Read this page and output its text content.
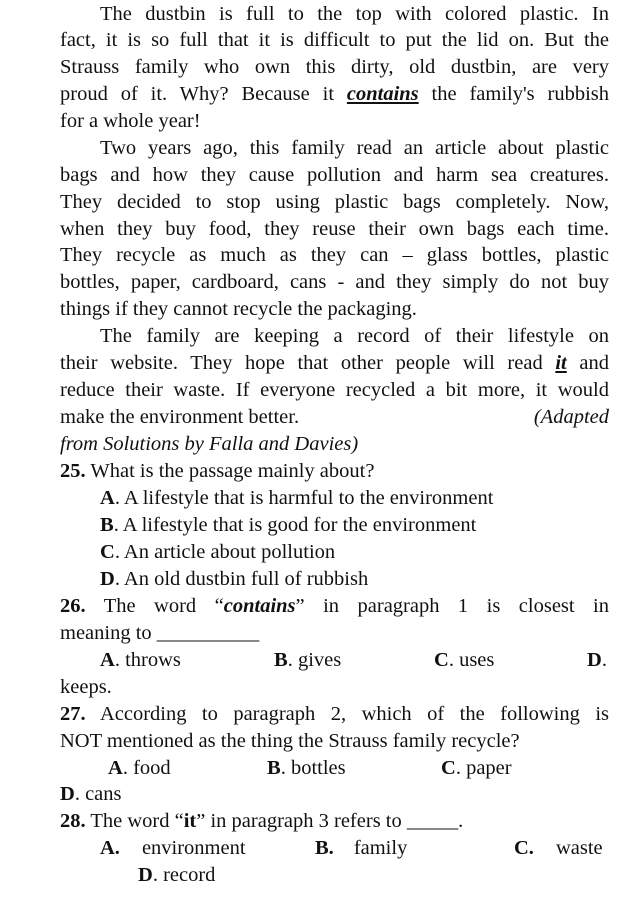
The dustbin is full to the top with colored plastic. In
fact, it is so full that it is difficult to put the lid on. But the
Strauss family who own this dirty, old dustbin, are very
proud of it. Why? Because it contains the family's rubbish
for a whole year!
Two years ago, this family read an article about plastic
bags and how they cause pollution and harm sea creatures.
They decided to stop using plastic bags completely. Now,
when they buy food, they reuse their own bags each time.
They recycle as much as they can – glass bottles, plastic
bottles, paper, cardboard, cans - and they simply do not buy
things if they cannot recycle the packaging.
The family are keeping a record of their lifestyle on
their website. They hope that other people will read it and
reduce their waste. If everyone recycled a bit more, it would
make the environment better.	(Adapted
from Solutions by Falla and Davies)
25. What is the passage mainly about?
A. A lifestyle that is harmful to the environment
B. A lifestyle that is good for the environment
C. An article about pollution
D. An old dustbin full of rubbish
26. The word “contains” in paragraph 1 is closest in
meaning to __________
A. throws	B. gives	C. uses	D.
keeps.
27. According to paragraph 2, which of the following is
NOT mentioned as the thing the Strauss family recycle?
A. food	B. bottles	C. paper
D. cans
28. The word “it” in paragraph 3 refers to _____.
A. environment	B. family	C. waste
D. record
